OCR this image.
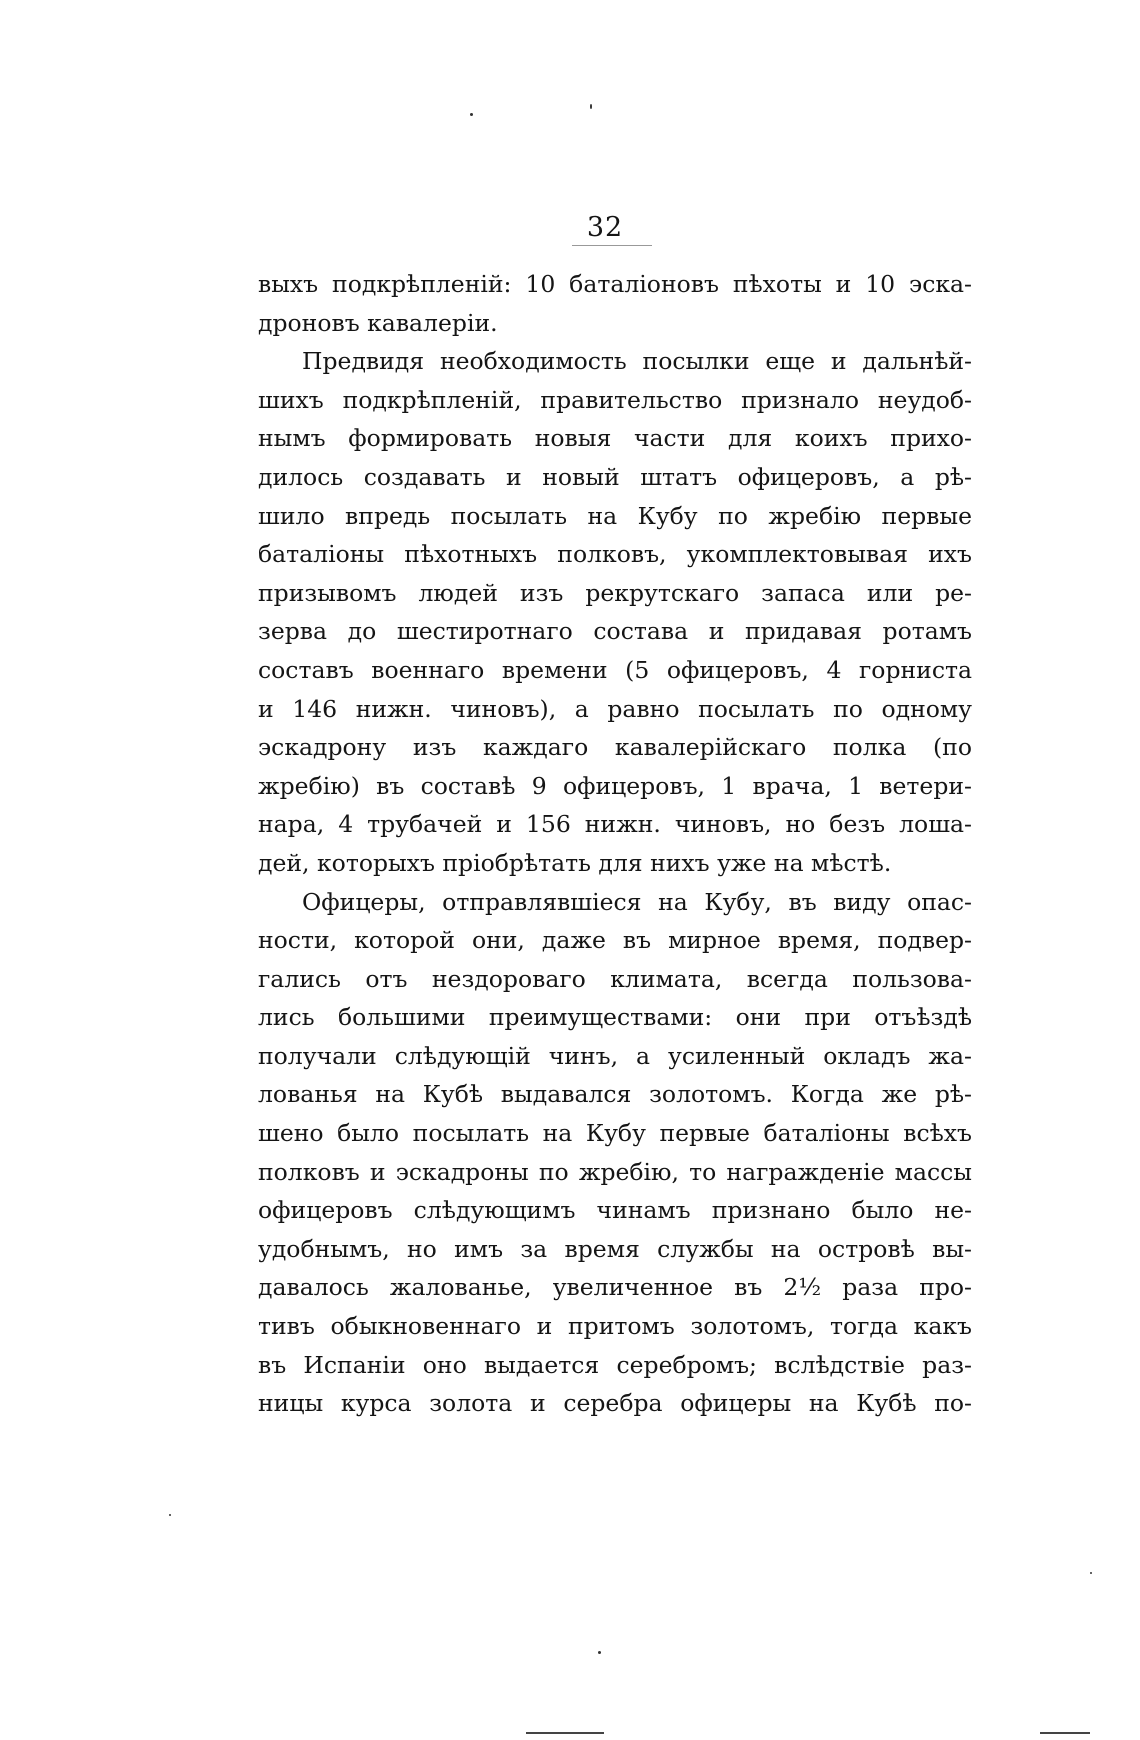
32
выхъ подкрѣпленій: 10 баталіоновъ пѣхоты и 10 эска-
дроновъ кавалеріи.
Предвидя необходимость посылки еще и дальнѣй-
шихъ подкрѣпленій, правительство признало неудоб-
нымъ формировать новыя части для коихъ прихо-
дилось создавать и новый штатъ офицеровъ, а рѣ-
шило впредь посылать на Кубу по жребію первые
баталіоны пѣхотныхъ полковъ, укомплектовывая ихъ
призывомъ людей изъ рекрутскаго запаса или ре-
зерва до шестиротнаго состава и придавая ротамъ
составъ военнаго времени (5 офицеровъ, 4 горниста
и 146 нижн. чиновъ), а равно посылать по одному
эскадрону изъ каждаго кавалерійскаго полка (по
жребію) въ составѣ 9 офицеровъ, 1 врача, 1 ветери-
нара, 4 трубачей и 156 нижн. чиновъ, но безъ лоша-
дей, которыхъ пріобрѣтать для нихъ уже на мѣстѣ.
Офицеры, отправлявшіеся на Кубу, въ виду опас-
ности, которой они, даже въ мирное время, подвер-
гались отъ нездороваго климата, всегда пользова-
лись большими преимуществами: они при отъѣздѣ
получали слѣдующій чинъ, а усиленный окладъ жа-
лованья на Кубѣ выдавался золотомъ. Когда же рѣ-
шено было посылать на Кубу первые баталіоны всѣхъ
полковъ и эскадроны по жребію, то награжденіе массы
офицеровъ слѣдующимъ чинамъ признано было не-
удобнымъ, но имъ за время службы на островѣ вы-
давалось жалованье, увеличенное въ 2½ раза про-
тивъ обыкновеннаго и притомъ золотомъ, тогда какъ
въ Испаніи оно выдается серебромъ; вслѣдствіе раз-
ницы курса золота и серебра офицеры на Кубѣ по-
